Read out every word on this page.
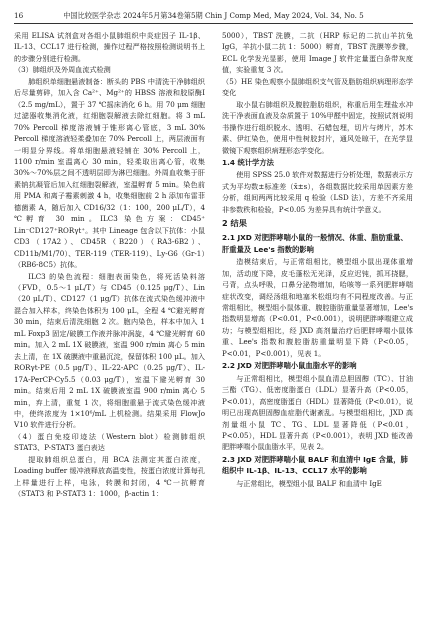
16	中国比较医学杂志 2024年5月第34卷第5期 Chin J Comp Med, May 2024, Vol. 34, No. 5

采用 ELISA 试剂盒对各组小鼠肺组织中炎症因子 IL-1β、IL-13、CCL17 进行检测，操作过程严格按照检测说明书上的步骤分别进行检测。

（3）肺组织及外周血流式检测

肺组织单细胞悬液制备：断头的 PBS 中清洗干净肺组织后尽量剪碎，加入含 Ca²⁺、Mg²⁺的 HBSS 溶液和胶原酶Ⅰ（2.5 mg/mL），置于 37 ℃摇床消化 6 h。用 70 μm 细胞过滤器收集消化液，红细胞裂解液去除红细胞。将 3 mL 70% Percoll 梯度溶液铺于锥形离心管底，3 mL 30% Percoll 梯度溶液轻柔叠加在 70% Percoll 上，两层液面有一明显分界线。将单细胞悬液轻铺在 30% Percoll 上，1100 r/min 室温离心 30 min，轻柔取出离心管，收集 30%～70%层之间不透明层即为淋巴细胞。外周血收集于肝素钠抗凝管后加入红细胞裂解液，室温孵育 5 min。染色前用 PMA 和离子霉素刺激 4 h，收集细胞前 2 h 添加布雷菲德菌素 A，随后加入 CD16/32（1：100，200 μL/T），4 ℃孵育 30 min。ILC3 染色方案：CD45⁺ Lin⁻CD127⁺RORγt⁺。其中 Lineage 包含以下抗体：小鼠 CD3（17A2）、CD45R（B220）（RA3-6B2）、CD11b/M1/70）、TER-119（TER-119）、Ly-G6（Gr-1）（RB6-8C5）抗体。

ILC3 的染色流程：细胞表面染色，将死活染料溶（FVD，0.5～1 μL/T）与 CD45（0.125 μg/T）、Lin（20 μL/T）、CD127（1 μg/T）抗体在流式染色缓冲液中混合加入样本，终染色体积为 100 μL，全程 4 ℃避光孵育 30 min，结束后清洗细胞 2 次。胞内染色，样本中加入 1 mL Foxp3 固定/破膜工作液并脉冲涡旋，4 ℃避光孵育 60 min。加入 2 mL 1X 破膜液，室温 900 r/min 离心 5 min 去上清，在 1X 破膜液中重悬沉淀，保留体积 100 μL。加入 RORγt-PE（0.5 μg/T）、IL-22-APC（0.25 μg/T）、IL-17A-PerCP-Cy5.5（0.03 μg/T），室温下避光孵育 30 min。结束后用 2 mL 1X 破膜液室温 900 r/min 离心 5 min，弃上清，重复 1 次，将细胞重悬于流式染色缓冲液中，使终浓度为 1×10⁶/mL 上机检测。结果采用 FlowJo V10 软件进行分析。

（4）蛋白免疫印迹法（Western blot）检测肺组织 STAT3、P-STAT3 蛋白表达

提取肺组织总蛋白，用 BCA 法测定其蛋白浓度，Loading buffer 缓冲液释放高温变性，按蛋白浓度计算每孔上样量进行上样，电泳，转膜和封闭，4 ℃一抗孵育（STAT3 和 P-STAT3 1：1000，β-actin 1：

5000），TBST 洗膜，二抗（HRP 标记的二抗山羊抗兔 IgG，羊抗小鼠二抗 1：5000）孵育，TBST 洗膜等步骤，ECL 化学发光显影，使用 Image J 软件定量蛋白条带灰度值，实验重复 3 次。

（5）HE 染色观察小鼠肺组织支气管及脂肪组织病理形态学变化

取小鼠右肺组织及腹腔脂肪组织，称重后用生理盐水冲洗干净表面血液及杂质置于 10%甲醛中固定，按照试剂说明书操作进行组织脱水、透明、石蜡包埋，切片与烤片，苏木素、伊红染色，使用中性树胶封片，通风处晾干，在光学显微镜下观察组织病理形态学变化。

1.4 统计学方法

使用 SPSS 25.0 软件对数据进行分析处理，数据表示方式为平均数±标准差（x̄±s），各组数据比较采用单因素方差分析，组间两两比较采用 q 检验（LSD 法），方差不齐采用非参数秩和检验，P<0.05 为差异具有统计学意义。

2 结果
2.1 JXD 对肥胖哮喘小鼠的一般情况、体重、脂肪重量、肝重量及 Lee's 指数的影响

造模结束后，与正常组相比，模型组小鼠出现体重增加，活动度下降，皮毛蓬松无光泽，反应迟钝，抓耳挠腮，弓背，点头呼吸，口鼻分泌物增加，哈咳等一系列肥胖哮喘症状改变，调经汤组和地塞米松组均有不同程度改善。与正常组相比，模型组小鼠体重、腹腔脂肪重量显著增加，Lee's 指数明显增高（P<0.01，P<0.001），说明肥胖哮喘建立成功；与模型组相比，经 JXD 高剂量治疗后肥胖哮喘小鼠体重、Lee's 指数和腹腔脂肪重量明显下降（P<0.05，P<0.01，P<0.001），见表 1。

2.2 JXD 对肥胖哮喘小鼠血脂水平的影响

与正常组相比，模型组小鼠血清总胆固醇（TC）、甘油三酯（TG）、低密度脂蛋白（LDL）显著升高（P<0.05，P<0.01），高密度脂蛋白（HDL）显著降低（P<0.01），说明已出现高胆固醇血症脂代谢紊乱。与模型组相比，JXD 高剂量组小鼠 TC、TG、LDL 显著降低（P<0.01，P<0.05），HDL 显著升高（P<0.001），表明 JXD 能改善肥胖哮喘小鼠血脂水平，见表 2。

2.3 JXD 对肥胖哮喘小鼠 BALF 和血清中 IgE 含量，肺组织中 IL-1β、IL-13、CCL17 水平的影响

与正常组比，模型组小鼠 BALF 和血清中 IgE
